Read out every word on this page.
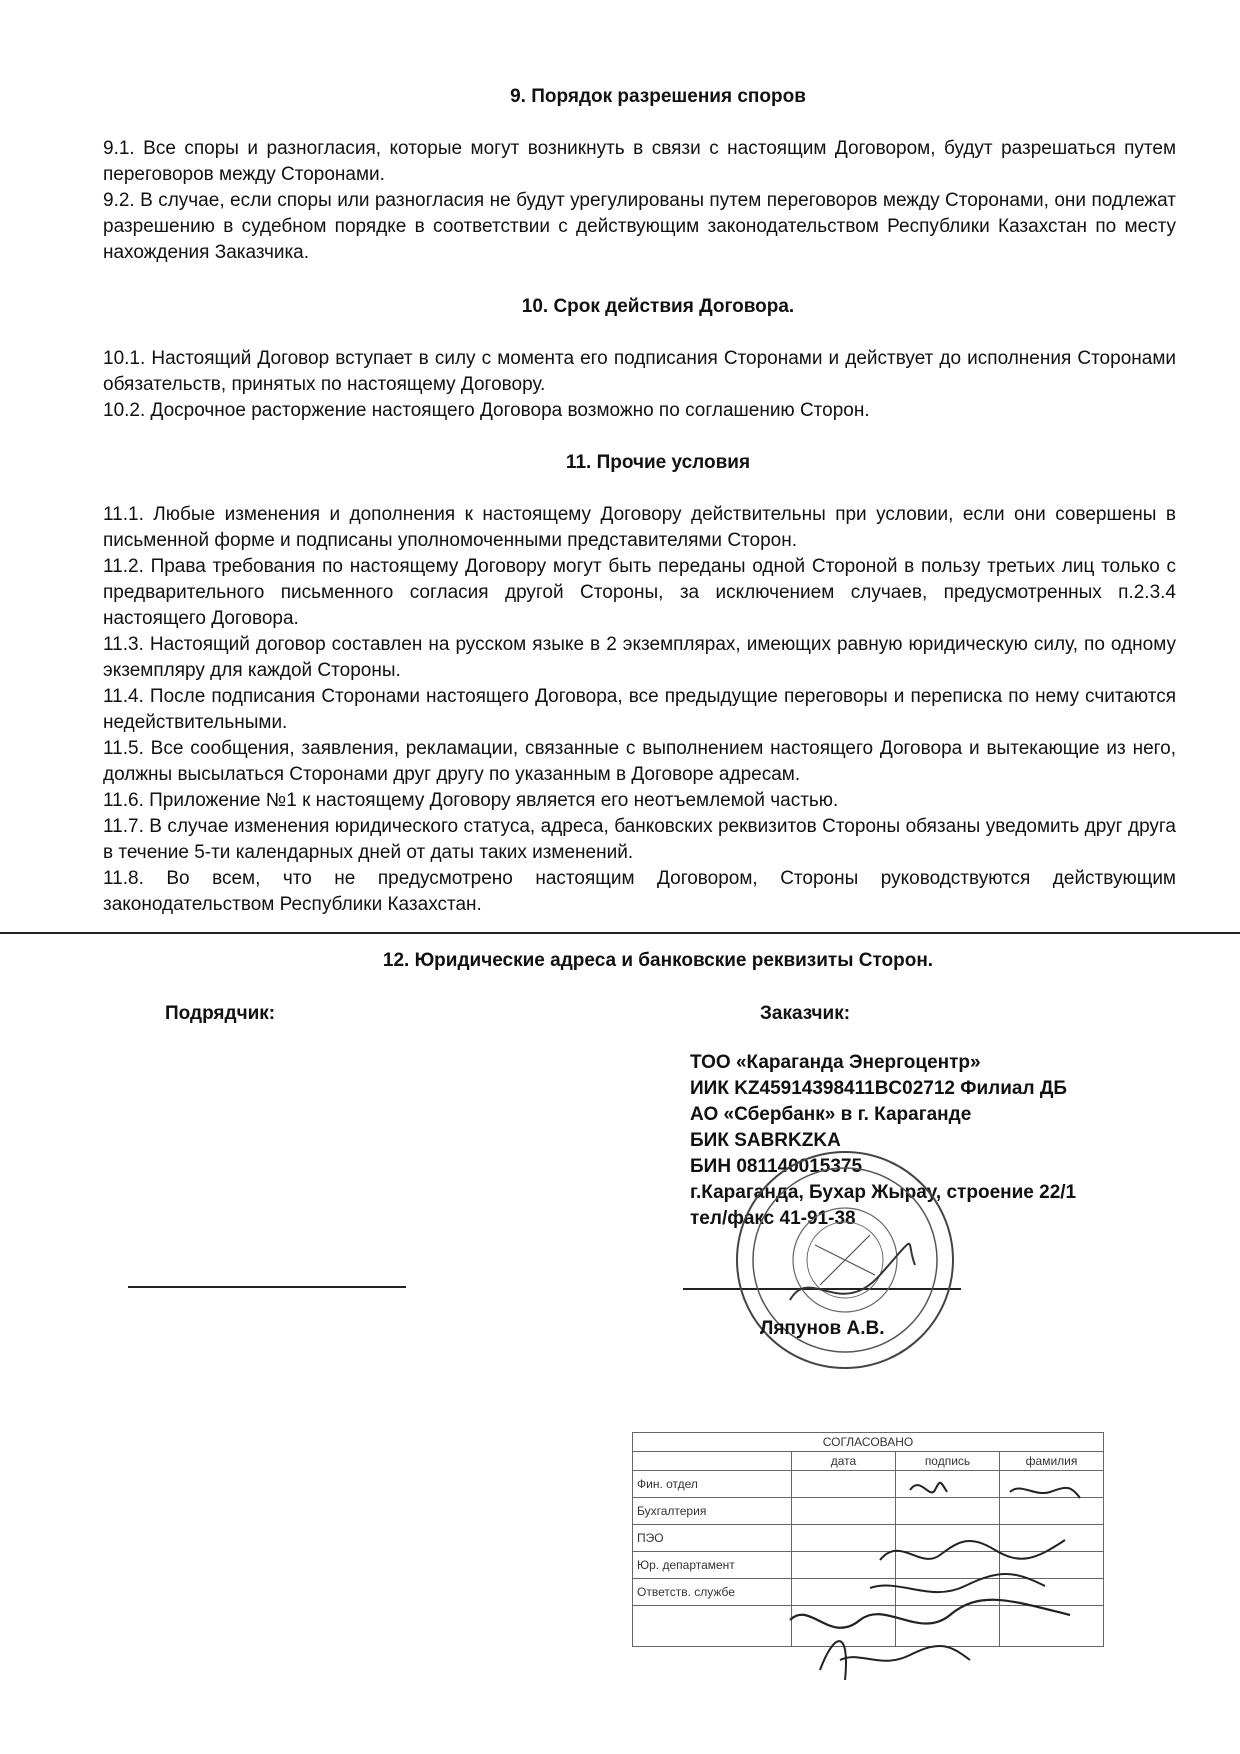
9. Порядок разрешения споров

9.1. Все споры и разногласия, которые могут возникнуть в связи с настоящим Договором, будут разрешаться путем переговоров между Сторонами.

9.2. В случае, если споры или разногласия не будут урегулированы путем переговоров между Сторонами, они подлежат разрешению в судебном порядке в соответствии с действующим законодательством Республики Казахстан по месту нахождения Заказчика.

10. Срок действия Договора.

10.1. Настоящий Договор вступает в силу с момента его подписания Сторонами и действует до исполнения Сторонами обязательств, принятых по настоящему Договору.

10.2. Досрочное расторжение настоящего Договора возможно по соглашению Сторон.

11. Прочие условия

11.1. Любые изменения и дополнения к настоящему Договору действительны при условии, если они совершены в письменной форме и подписаны уполномоченными представителями Сторон.

11.2. Права требования по настоящему Договору могут быть переданы одной Стороной в пользу третьих лиц только с предварительного письменного согласия другой Стороны, за исключением случаев, предусмотренных п.2.3.4 настоящего Договора.

11.3. Настоящий договор составлен на русском языке в 2 экземплярах, имеющих равную юридическую силу, по одному экземпляру для каждой Стороны.

11.4. После подписания Сторонами настоящего Договора, все предыдущие переговоры и переписка по нему считаются недействительными.

11.5. Все сообщения, заявления, рекламации, связанные с выполнением настоящего Договора и вытекающие из него, должны высылаться Сторонами друг другу по указанным в Договоре адресам.

11.6. Приложение №1 к настоящему Договору является его неотъемлемой частью.

11.7. В случае изменения юридического статуса, адреса, банковских реквизитов Стороны обязаны уведомить друг друга в течение 5-ти календарных дней от даты таких изменений.

11.8. Во всем, что не предусмотрено настоящим Договором, Стороны руководствуются действующим законодательством Республики Казахстан.

12. Юридические адреса и банковские реквизиты Сторон.
Подрядчик:	Заказчик:
ТОО «Караганда Энергоцентр»
ИИК KZ45914398411BC02712 Филиал ДБ
АО «Сбербанк» в г. Караганде
БИК SABRKZKA
БИН 081140015375
г.Караганда, Бухар Жырау, строение 22/1
тел/факс 41-91-38
Ляпунов А.В.
СОГЛАСОВАНО			
	дата	подпись	фамилия
Фин. отдел			
Бухгалтерия			
ПЭО			
Юр. департамент			
Ответств. службе			
